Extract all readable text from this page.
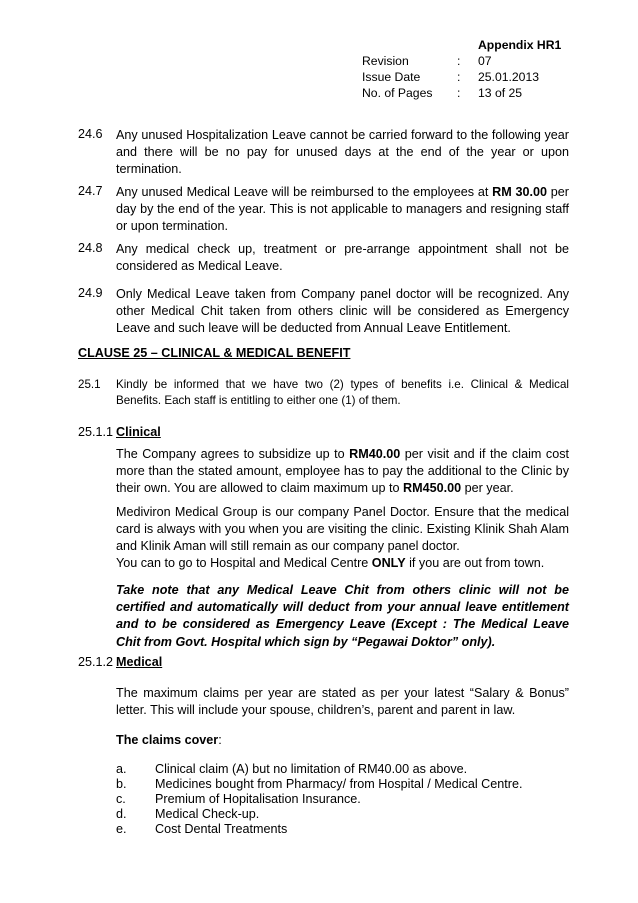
Appendix HR1
Revision	: 07
Issue Date	: 25.01.2013
No. of Pages : 13 of 25
24.6 Any unused Hospitalization Leave cannot be carried forward to the following year and there will be no pay for unused days at the end of the year or upon termination.
24.7 Any unused Medical Leave will be reimbursed to the employees at RM 30.00 per day by the end of the year. This is not applicable to managers and resigning staff or upon termination.
24.8 Any medical check up, treatment or pre-arrange appointment shall not be considered as Medical Leave.
24.9 Only Medical Leave taken from Company panel doctor will be recognized. Any other Medical Chit taken from others clinic will be considered as Emergency Leave and such leave will be deducted from Annual Leave Entitlement.
CLAUSE 25 – CLINICAL & MEDICAL BENEFIT
25.1 Kindly be informed that we have two (2) types of benefits i.e. Clinical & Medical Benefits. Each staff is entitling to either one (1) of them.
25.1.1 Clinical
The Company agrees to subsidize up to RM40.00 per visit and if the claim cost more than the stated amount, employee has to pay the additional to the Clinic by their own. You are allowed to claim maximum up to RM450.00 per year.
Mediviron Medical Group is our company Panel Doctor. Ensure that the medical card is always with you when you are visiting the clinic. Existing Klinik Shah Alam and Klinik Aman will still remain as our company panel doctor.
You can to go to Hospital and Medical Centre ONLY if you are out from town.
Take note that any Medical Leave Chit from others clinic will not be certified and automatically will deduct from your annual leave entitlement and to be considered as Emergency Leave (Except : The Medical Leave Chit from Govt. Hospital which sign by “Pegawai Doktor” only).
25.1.2 Medical
The maximum claims per year are stated as per your latest “Salary & Bonus” letter. This will include your spouse, children’s, parent and parent in law.
The claims cover:
a. Clinical claim (A) but no limitation of RM40.00 as above.
b. Medicines bought from Pharmacy/ from Hospital / Medical Centre.
c. Premium of Hopitalisation Insurance.
d. Medical Check-up.
e. Cost Dental Treatments
